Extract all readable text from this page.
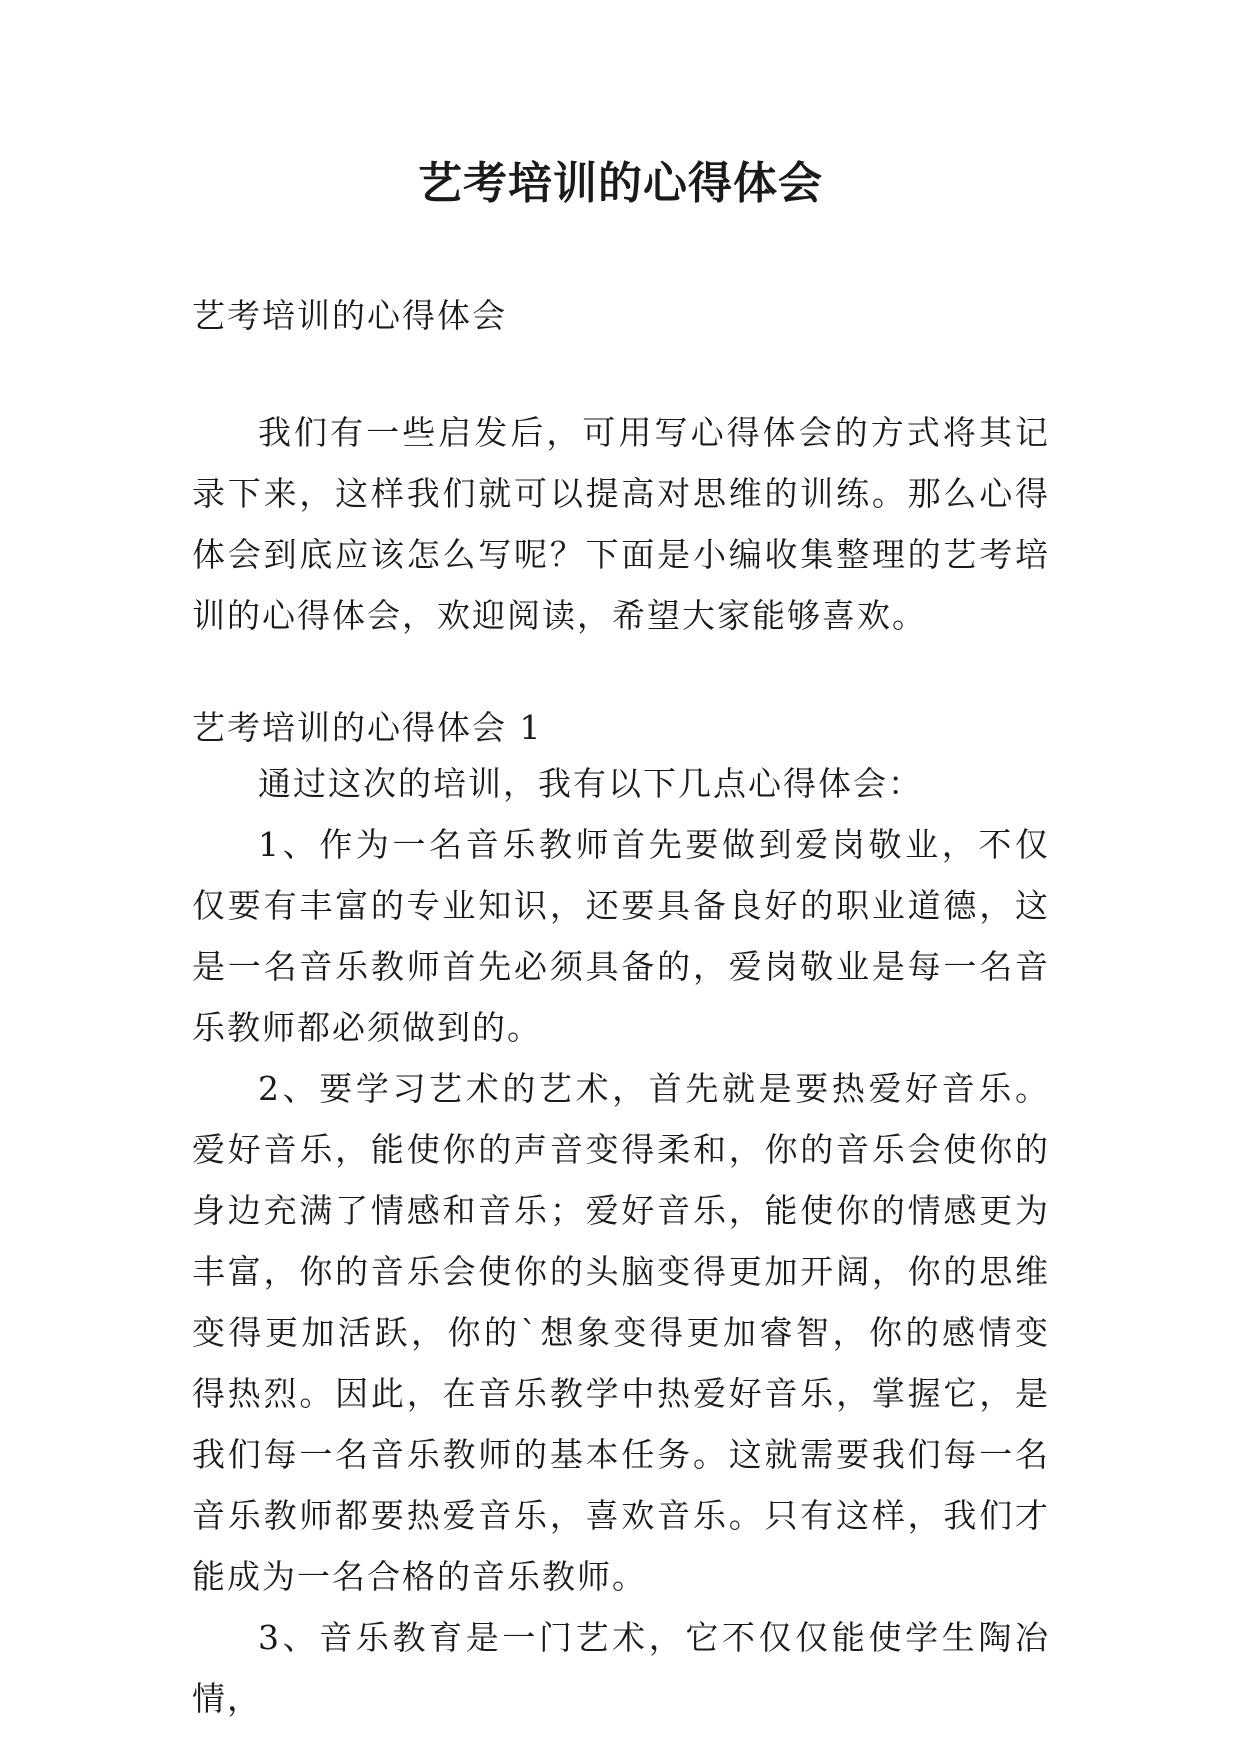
艺考培训的心得体会
艺考培训的心得体会

我们有一些启发后，可用写心得体会的方式将其记录下来，这样我们就可以提高对思维的训练。那么心得体会到底应该怎么写呢？下面是小编收集整理的艺考培训的心得体会，欢迎阅读，希望大家能够喜欢。

艺考培训的心得体会 1

通过这次的培训，我有以下几点心得体会：

1、作为一名音乐教师首先要做到爱岗敬业，不仅仅要有丰富的专业知识，还要具备良好的职业道德，这是一名音乐教师首先必须具备的，爱岗敬业是每一名音乐教师都必须做到的。

2、要学习艺术的艺术，首先就是要热爱好音乐。爱好音乐，能使你的声音变得柔和，你的音乐会使你的身边充满了情感和音乐；爱好音乐，能使你的情感更为丰富，你的音乐会使你的头脑变得更加开阔，你的思维变得更加活跃，你的`想象变得更加睿智，你的感情变得热烈。因此，在音乐教学中热爱好音乐，掌握它，是我们每一名音乐教师的基本任务。这就需要我们每一名音乐教师都要热爱音乐，喜欢音乐。只有这样，我们才能成为一名合格的音乐教师。

3、音乐教育是一门艺术，它不仅仅能使学生陶冶情，
